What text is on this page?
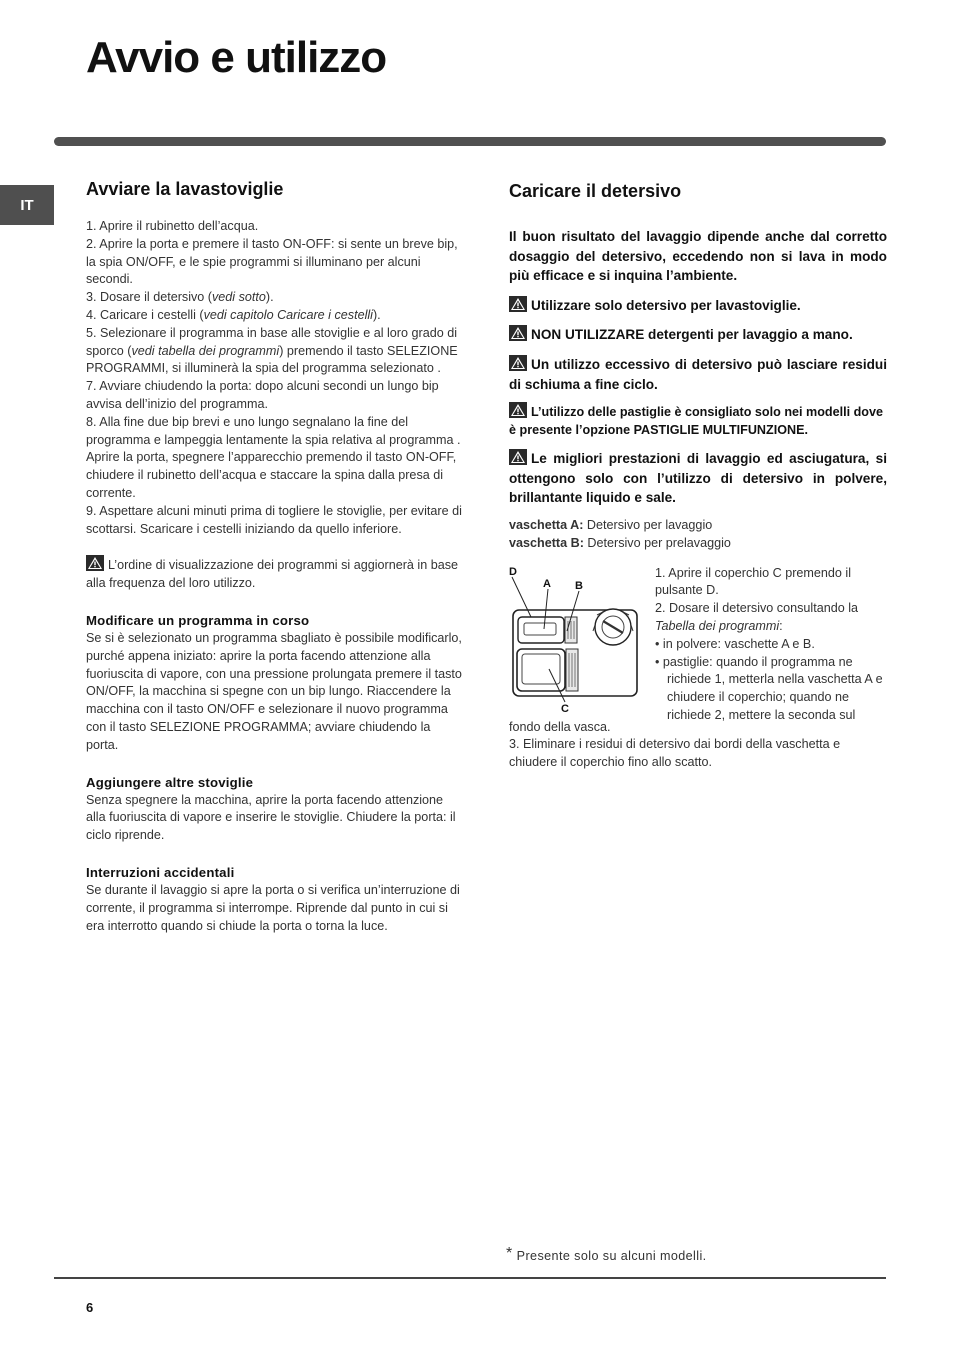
Avvio e utilizzo
IT
Avviare la lavastoviglie

1. Aprire il rubinetto dell’acqua.

2. Aprire la porta e premere il tasto ON-OFF: si sente un breve bip, la spia ON/OFF, e le spie programmi si illuminano per alcuni secondi.

3. Dosare il detersivo (vedi sotto).

4. Caricare i cestelli (vedi capitolo Caricare i cestelli).

5. Selezionare il programma in base alle stoviglie e al loro grado di sporco (vedi tabella dei programmi) premendo il tasto SELEZIONE PROGRAMMI, si illuminerà la spia del programma selezionato .

7. Avviare chiudendo la porta: dopo alcuni secondi un lungo bip avvisa dell’inizio del programma.

8. Alla fine due bip brevi e uno lungo segnalano la fine del programma e lampeggia lentamente la spia relativa al programma . Aprire la porta, spegnere l’apparecchio premendo il tasto ON-OFF, chiudere il rubinetto dell’acqua e staccare la spina dalla presa di corrente.

9. Aspettare alcuni minuti prima di togliere le stoviglie, per evitare di scottarsi. Scaricare i cestelli iniziando da quello inferiore.

L’ordine di visualizzazione dei programmi si aggiornerà in base alla frequenza del loro utilizzo.

Modificare un programma in corso

Se si è selezionato un programma sbagliato è possibile modificarlo, purché appena iniziato: aprire la porta facendo attenzione alla fuoriuscita di vapore, con una pressione prolungata premere il tasto ON/OFF, la macchina si spegne con un bip lungo. Riaccendere la macchina con il tasto ON/OFF e selezionare il nuovo programma con il tasto SELEZIONE PROGRAMMA; avviare chiudendo la porta.

Aggiungere altre stoviglie

Senza spegnere la macchina, aprire la porta facendo attenzione alla fuoriuscita di vapore e inserire le stoviglie. Chiudere la porta: il ciclo riprende.

Interruzioni accidentali

Se durante il lavaggio si apre la porta o si verifica un’interruzione di corrente, il programma si interrompe. Riprende dal punto in cui si era interrotto quando si chiude la porta o torna la luce.

Caricare il detersivo

Il buon risultato del lavaggio dipende anche dal corretto dosaggio del detersivo, eccedendo non si lava in modo più efficace e si inquina l’ambiente.

Utilizzare solo detersivo per lavastoviglie.

NON UTILIZZARE detergenti per lavaggio a mano.

Un utilizzo eccessivo di detersivo può lasciare residui di schiuma a fine ciclo.

L’utilizzo delle pastiglie è consigliato solo nei modelli dove è presente l’opzione PASTIGLIE MULTIFUNZIONE.

Le migliori prestazioni di lavaggio ed asciugatura, si ottengono solo con l’utilizzo di detersivo in polvere, brillantante liquido e sale.

vaschetta A: Detersivo per lavaggio

vaschetta B: Detersivo per prelavaggio

D
A B
C

1. Aprire il coperchio C premendo il pulsante D.

2. Dosare il detersivo consultando la Tabella dei programmi:

• in polvere: vaschette A e B.
• pastiglie: quando il programma ne richiede 1, metterla nella vaschetta A e chiudere il coperchio; quando ne richiede 2, mettere la seconda sul

fondo della vasca.

3. Eliminare i residui di detersivo dai bordi della vaschetta e chiudere il coperchio fino allo scatto.

* Presente solo su alcuni modelli.
6
